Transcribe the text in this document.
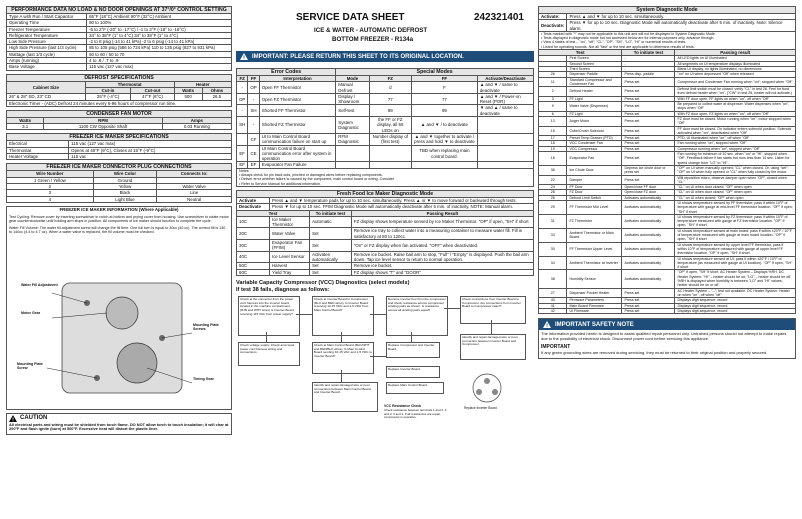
PERFORMANCE DATA NO LOAD & NO DOOR OPENINGS AT 37°/0° CONTROL SETTING	
Type A with Run / Start Capacitor	65°F (18°C) Ambient 90°F (32°C) Ambient
Operating Time	90 to 100%
Freezer Temperature	-5 to 2°F (-20° to -17°C) / -1 to 3°F (-18° to -16°C)
Refrigerator Temperature	34° to 38°F (1° to 4°C) 34° to 38°F (1° to 4°C)
Low Side Pressure	-2 to 8 psig (-14 to 41 kPa) -2 to 6 psig (-14 to 41 kPa)
High Side Pressure (last 1/3 cycle)	85 to 105 psig (586 to 724 kPa) 110 to 135 psig (827 to 931 kPa)
Wattage (last 1/3 cycle)	50 to 60 / 50 to 70
Amps (running)	4 to .8 / .7 to .9
Base Voltage	115 vac (127 vac max)
DEFROST SPECIFICATIONS				
Cabinet Size	Thermostat		Heater	
	Cut-in	Cut-out	Watts	Ohms
26" & 28" SD, 23" CD	25°F (-4°C)	47°F (8°C)	500	26.5
Electronic Timer - (ADC) Defrost 24 minutes every 6-96 hours of compressor run time.				
CONDENSER FAN MOTOR		
Watts	RPM	Amps
3.1	1100 CW Opposite Shaft	0.03 Running
FREEZER ICE MAKER SPECIFICATIONS	
Electrical	115 vac (127 vac max)
Thermostat	Opens at 48°F (9°C), Closes at 15°F (-9°C)
Heater Voltage	115 vac
FREEZER ICE MAKER CONNECTOR PLUG CONNECTIONS		
Wire Number	Wire Color	Connects to:
1 Green / Yellow	Ground	
2	Yellow	Water Valve
3	Black	Line
4	Light Blue	Neutral
FREEZER ICE MAKER INFORMATION (Where Applicable)
Test Cycling: Remove cover by inserting screwdriver in notch at bottom and prying cover from housing. Use screwdriver to rotate motor gear counterclockwise until holding arm stops in position. All components of ice maker should function to complete the cycle.
Water Fill Volume: The water fill adjustment screw will change the fill time. One full turn is equal to 30cc (40 cc). The correct fill is 130 to 140cc (4.4 to 4.7 oz). When a water valve is replaced, the fill volume must be checked.
Water Fill Adjustment
Motor Gear
Mounting Plate Screws
Mounting Plate Screw
Timing Gear
CAUTION
All electrical parts and wiring must be shielded from torch flame. DO NOT allow torch to touch insulation; it will char at 200°F and flash ignite (burn) at 500°F. Excessive heat will distort the plastic liner.
SERVICE DATA SHEET	242321401
ICE & WATER - AUTOMATIC DEFROST
BOTTOM FREEZER - R134a
IMPORTANT: PLEASE RETURN THIS SHEET TO ITS ORIGINAL LOCATION.
Error Codes			Special Modes			
FZ	FF	Interpretation	Mode	FZ	FF	Activate/Deactivate
-	OP	Open FF Thermistor	Manual Defrost	d	F	▲ and ▼ / same to deactivate
OP	-	Open FZ Thermistor	Display / Showroom	77	77	▲ and ▼ / Power-on Reset (POR)
-	SH	Shorted FF Thermistor	Self-test	99	99	▼ and ▲ / same to deactivate
SH	-	Shorted FZ Thermistor	System Diagnostic	the FF or FZ display, all 55 LEDs on	▲ and ▼ / to deactivate	
	CF	UI to Main Control Board communication failure on start up	RFM Diagnostic	Number display of (first test)	▲ and ▼ together to activate / press and hold ▼ to deactivate	
EF	CE	UI Main Control Board communication error after system in operation			TBD when replacing main control board.	
EF	EF	Evaporator Fan Failure				
Notes:
• Always check for pin back outs, pinched or damaged wires before replacing components.
• Deliver error whether failure is caused by the component, main control board or wiring. Consider
• Refer to Service Manual for additional information.						
Fresh Food Ice Maker Diagnostic Mode			
Activate	Press ▲ and ▼ temperature pads for up to 10 sec. simultaneously. Press ▲ or ▼ to move forward or backward through tests.		
Deactivate	Press ▼ for up to 10 sec. FFIM Diagnostic Mode will automatically deactivate after 5 min. of inactivity. NOTE: Manual alarm.		
Test		To initiate test	Passing Result
10C	Ice Maker Thermistor	Automatic	FZ display shows temperature sensed by Ice Maker Thermistor. "OP" if open, "SH" if short
20C	Water Valve	Set	Remove ice tray to collect water into a measuring container to measure water fill. Fill is satisfactory at 80 to 120cc.
30C	Evaporator Fan (FFIM)	Set	"On" or FZ display when fan activated. "OFF" when deactivated.
40C	Ice Level Sensor	Activates automatically	Remove ice bucket. Raise bail arm to stop, "Full" / "Empty" is displayed. Push the bail arm down. Tap ice level sensor to return to normal operation.
50C	Harvest	Set	Remove ice bucket.
60C	Yield Tray	Set	FZ display shows "T" and "DOOR"
Variable Capacity Compressor (VCC) Diagnostics (select models)
If test 38 fails, diagnose as follows:
Check at the connector from the power cord harness into the inverter board, located in the machine compartment. (RJN and WHT wires) Is Inverter Board receiving 115 VAC from power supply?
Check at Inverter Board to Compressor (BLU and RED wires). Is Inverter Board receiving 12-15 VDC and 1-5 VDC from Main Control Board?
Remove inverter box from the compressor and check resistance across compressor winding pairs as shown. Is resistance across all winding pairs equal?
Check connections from Inverter Board to Compressor. Are connections from Inverter Board to Compressor intact?
Check voltage supply. Check and repair power cord harness wiring and connections.
Check at Main Control Board (BLK/WHT and RED/BLK wires). Is Main Control Board sending 10-15 VAC and 1-5 VDC to Inverter Board?
Replace Compressor and Inverter Board.
Identify and repair damaged wire or poor connection between Inverter Board and Compressor.
Replace Inverter Board.
Replace Main Control Board.
Identify and repair damaged wire or poor connections between Main Control Board and Inverter Board.
VCC Resistance Check
Check resistance between terminals 1 and 2, 2 and 3, 3 and 1. If all resistances are equal, compressor is operative.
Replace Inverter Board
System Diagnostic Mode			
Activate:	Press ▲ and ▼ for up to 10 sec. simultaneously.		
Deactivate:	Press ▼ for up to 10 sec. Diagnostic Mode will automatically deactivate after 5 min. of inactivity. Note: Silence alarm.		
• Tests marked with "*" may not be applicable to this unit and will not be displayed in System Diagnostic Mode.
• Tests displayed in diagnostic mode but not accessed below are for internal purposes only, advance through.
• View 4 states of test – "on", "off", "CL", "OP", "SH", "LO", "HI" or numerical results of tests.
• Listed for operating sounds. Not all "fast" or the test are applicable to determine results of tests.			
Test		To initiate test	Passing result
	First Screen	-	All LED lights on UI illuminated
	Second Screen	-	All segments on UI temperature displays illuminated
	Third Screen	-	Blank UI display, no lights illuminated, no dimensions
26	Dispenser Paddle	Press disp. paddle	"on" on UI when depressed "Off" when released
11	Standard Compressor and Condenser Fan	Press set	Compressor and Condenser Fan running when "on"; stopped when "Off"
2	Defrost Heater	Press set	Defrost limit switch must be closed; verify "CL" in test 26. Feel for frost from defrost heater when "on". ("CW" in test 26, heater will not activate.)
3	FF Light	Press set	With FF door open, FF lights on when "on", off when "Off"
9	Water Valve (Dispenser)	Press set	Be prepared to collect water at dispenser. Water dispenses when "on", stops when "Off"
6	FZ Light	Press set	With FZ door open, FZ lights on when "on", off when "Off"
13	Auger Motor	Press set	FZ door must be closed. Motor running when "on", motor stopped when "Off"
15	Cube/Crush Solenoid	Press set	FF door must be closed. On indicator enters solenoid position. Solenoid activated when "on", deactivated when "Off"
17	Preset Temp Drawer (PTD)	Press set	PTD, UI illuminated when "on", off when "Off"
18	VCC Condenser Fan	Press set	Fan running when "on", stopped when "Off"
19	VCC Compressor	Press set	Compressor running when "on", stopped when "Off"
16	Evaporator Fan	Press set	Fan running for minimum of 10 sec. when "on" or "HI", stopped when "Off". Feedback failure if fan starts but runs less than 10 sec. Listen for speed change from "LO" to "HI".
36	Ice Chute Door	Depress ice chute door or press set	"OP" on UI when manually opened; "CL" when closed. Or, using "set": "OP" on UI when fully opened or "CL" when fully closed by the motor.
22	Damper	Press set	Will reposition micro, observe damper open when "OP", closed when "CL"
24	FF Door	Open/close FF door	"CL" on UI when door closed; "OP" when open
25	FZ Door	Open/close FZ door	"CL" on UI when door closed; "OP" when open
26	Defrost Limit Switch	Activates automatically	"CL" on UI when closed; "OP" when open
29	FF Thermistor Mid Level	Activates automatically	UI shows temperature sensed by FF thermistor; pass if within 10°F of temperature with gauge at mid-level FF thermistor location. "OP" if open; "SH" if short
31	FZ Thermistor	Activates automatically	UI shows temperature sensed by FZ thermistor; pass if within 10°F of temperature measured with gauge at FZ thermistor location. "OP" if open, "SH" if short
33	Ambient Thermistor or Main Board	Activates automatically	UI shows temperature sensed at main board; pass if within ±20°F / 10°F of temperature measured with gauge at main board location. "OP" if open, "SH" if short
30	FF Thermistor Upper Level	Activates automatically	UI shows temperature sensed by upper level FF thermistor; pass if within 10°F of temperature measured with gauge at upper level FF thermistor location. "OP" if open, "SH" if short
34	Ambient Thermistor at Inverter	Activates automatically	UI shows temperature sensed at UI; pass if within ±20°F / 10°F of temperature (as measured with gauge at UI location). "OP" if open, "SH" if short
38	Humidity Sensor	Activates automatically	"OP" if open, "SH" if short. AC Heater System – Displays %RH. DC Heater System: "HI" – heater should be on; "LO" – heater should be off. %RH is displayed when humidity is between "LO" and "HI" values; heater should be on or off.
27	Dispenser Pocket Heater	Press set	AC Heater System – "--"; test not available. DC Heater System: Heater on when "on", off when "off"
40	Firmware Parameters	Press set	Displays digit sequence, record
41	Main Board Firmware	Press set	Displays digit sequence, record
42	UI Firmware	Press set	Displays digit sequence, record
IMPORTANT SAFETY NOTE
The information provided herein is designed to assist qualified repair personnel only. Untrained persons should not attempt to make repairs due to the possibility of electrical shock. Disconnect power cord before servicing this appliance.
IMPORTANT
If any green grounding wires are removed during servicing, they must be returned to their original position and properly secured.
